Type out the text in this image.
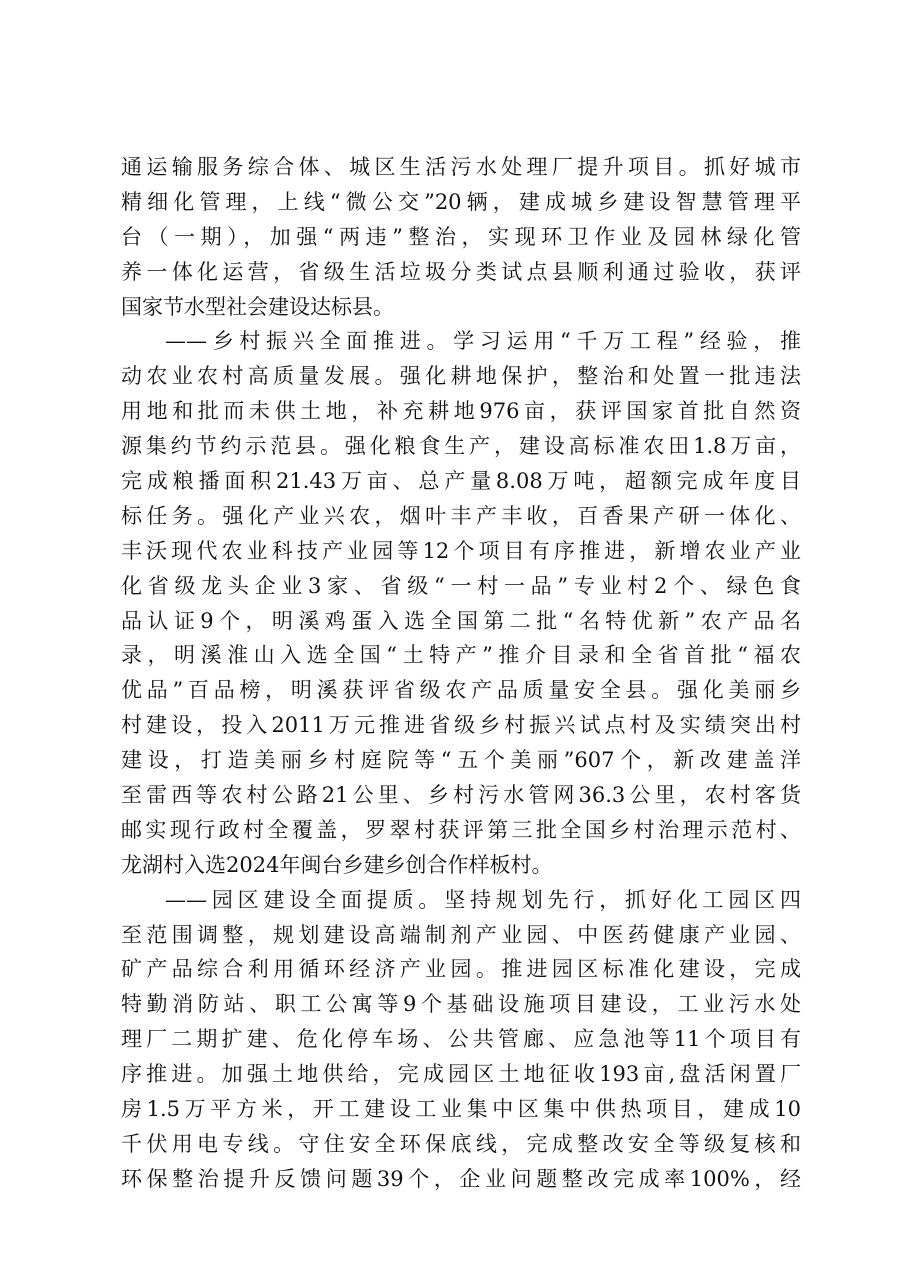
通运输服务综合体、城区生活污水处理厂提升项目。抓好城市
精细化管理，上线“微公交”20辆，建成城乡建设智慧管理平
台（一期），加强“两违”整治，实现环卫作业及园林绿化管
养一体化运营，省级生活垃圾分类试点县顺利通过验收，获评
国家节水型社会建设达标县。
——乡村振兴全面推进。学习运用“千万工程”经验，推
动农业农村高质量发展。强化耕地保护，整治和处置一批违法
用地和批而未供土地，补充耕地976亩，获评国家首批自然资
源集约节约示范县。强化粮食生产，建设高标准农田1.8万亩，
完成粮播面积21.43万亩、总产量8.08万吨，超额完成年度目
标任务。强化产业兴农，烟叶丰产丰收，百香果产研一体化、
丰沃现代农业科技产业园等12个项目有序推进，新增农业产业
化省级龙头企业3家、省级“一村一品”专业村2个、绿色食
品认证9个，明溪鸡蛋入选全国第二批“名特优新”农产品名
录，明溪淮山入选全国“土特产”推介目录和全省首批“福农
优品”百品榜，明溪获评省级农产品质量安全县。强化美丽乡
村建设，投入2011万元推进省级乡村振兴试点村及实绩突出村
建设，打造美丽乡村庭院等“五个美丽”607个，新改建盖洋
至雷西等农村公路21公里、乡村污水管网36.3公里，农村客货
邮实现行政村全覆盖，罗翠村获评第三批全国乡村治理示范村、
龙湖村入选2024年闽台乡建乡创合作样板村。
——园区建设全面提质。坚持规划先行，抓好化工园区四
至范围调整，规划建设高端制剂产业园、中医药健康产业园、
矿产品综合利用循环经济产业园。推进园区标准化建设，完成
特勤消防站、职工公寓等9个基础设施项目建设，工业污水处
理厂二期扩建、危化停车场、公共管廊、应急池等11个项目有
序推进。加强土地供给，完成园区土地征收193亩,盘活闲置厂
房1.5万平方米，开工建设工业集中区集中供热项目，建成10
千伏用电专线。守住安全环保底线，完成整改安全等级复核和
环保整治提升反馈问题39个，企业问题整改完成率100%，经
